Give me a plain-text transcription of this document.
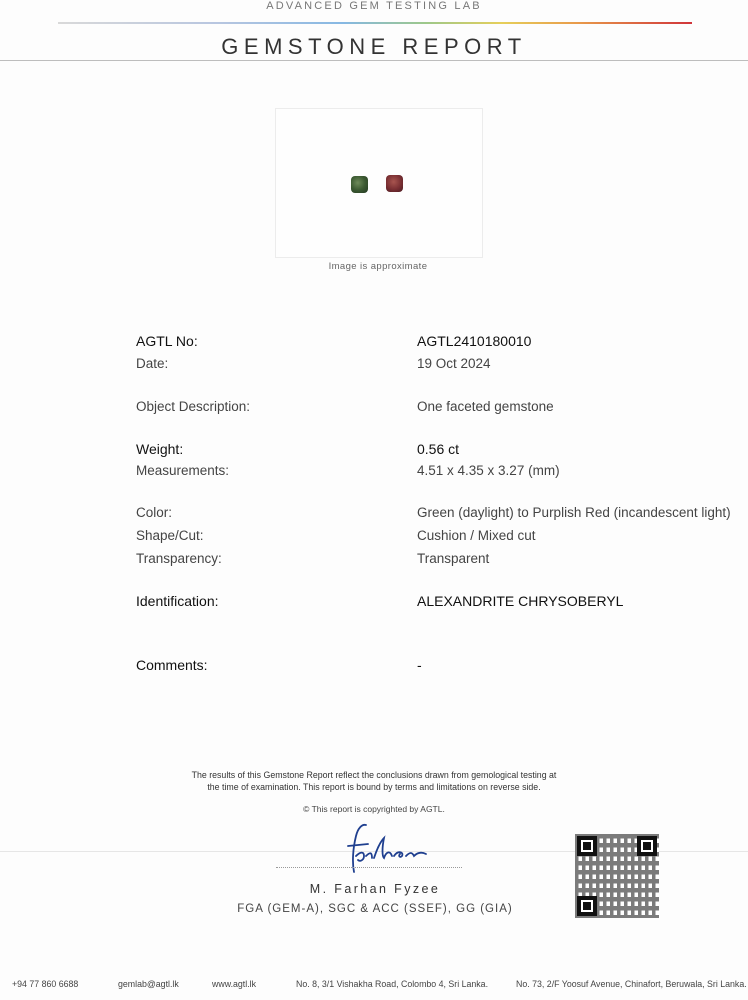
ADVANCED GEM TESTING LAB
GEMSTONE REPORT
Image is approximate
AGTL No:	AGTL2410180010
Date:	19 Oct 2024
Object Description:	One faceted gemstone
Weight:	0.56 ct
Measurements:	4.51 x 4.35 x 3.27 (mm)
Color:	Green (daylight) to Purplish Red (incandescent light)
Shape/Cut:	Cushion / Mixed cut
Transparency:	Transparent
Identification:	ALEXANDRITE CHRYSOBERYL
Comments:	-
The results of this Gemstone Report reflect the conclusions drawn from gemological testing at
the time of examination. This report is bound by terms and limitations on reverse side.
© This report is copyrighted by AGTL.
M. Farhan Fyzee
FGA (GEM-A), SGC & ACC (SSEF), GG (GIA)
+94 77 860 6688	gemlab@agtl.lk	www.agtl.lk	No. 8, 3/1 Vishakha Road, Colombo 4, Sri Lanka.	No. 73, 2/F Yoosuf Avenue, Chinafort, Beruwala, Sri Lanka.
